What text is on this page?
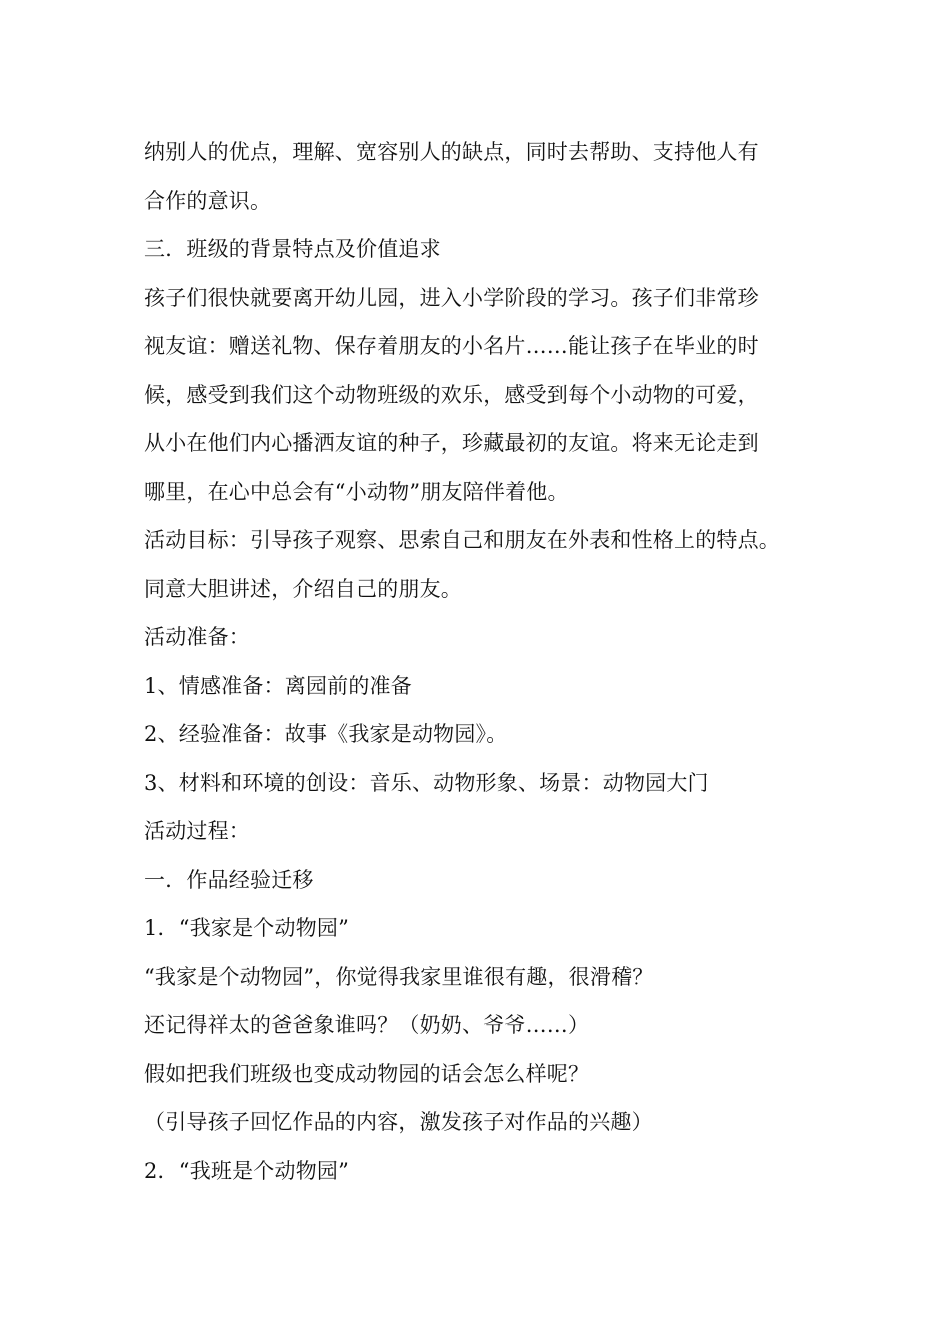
纳别人的优点，理解、宽容别人的缺点，同时去帮助、支持他人有
合作的意识。
三．班级的背景特点及价值追求
孩子们很快就要离开幼儿园，进入小学阶段的学习。孩子们非常珍
视友谊：赠送礼物、保存着朋友的小名片……能让孩子在毕业的时
候，感受到我们这个动物班级的欢乐，感受到每个小动物的可爱，
从小在他们内心播洒友谊的种子，珍藏最初的友谊。将来无论走到
哪里，在心中总会有“小动物”朋友陪伴着他。
活动目标：引导孩子观察、思索自己和朋友在外表和性格上的特点。
同意大胆讲述，介绍自己的朋友。
活动准备：
1、情感准备：离园前的准备
2、经验准备：故事《我家是动物园》。
3、材料和环境的创设：音乐、动物形象、场景：动物园大门
活动过程：
一．作品经验迁移
1．“我家是个动物园”
“我家是个动物园”，你觉得我家里谁很有趣，很滑稽？
还记得祥太的爸爸象谁吗？（奶奶、爷爷……）
假如把我们班级也变成动物园的话会怎么样呢？
（引导孩子回忆作品的内容，激发孩子对作品的兴趣）
2．“我班是个动物园”
